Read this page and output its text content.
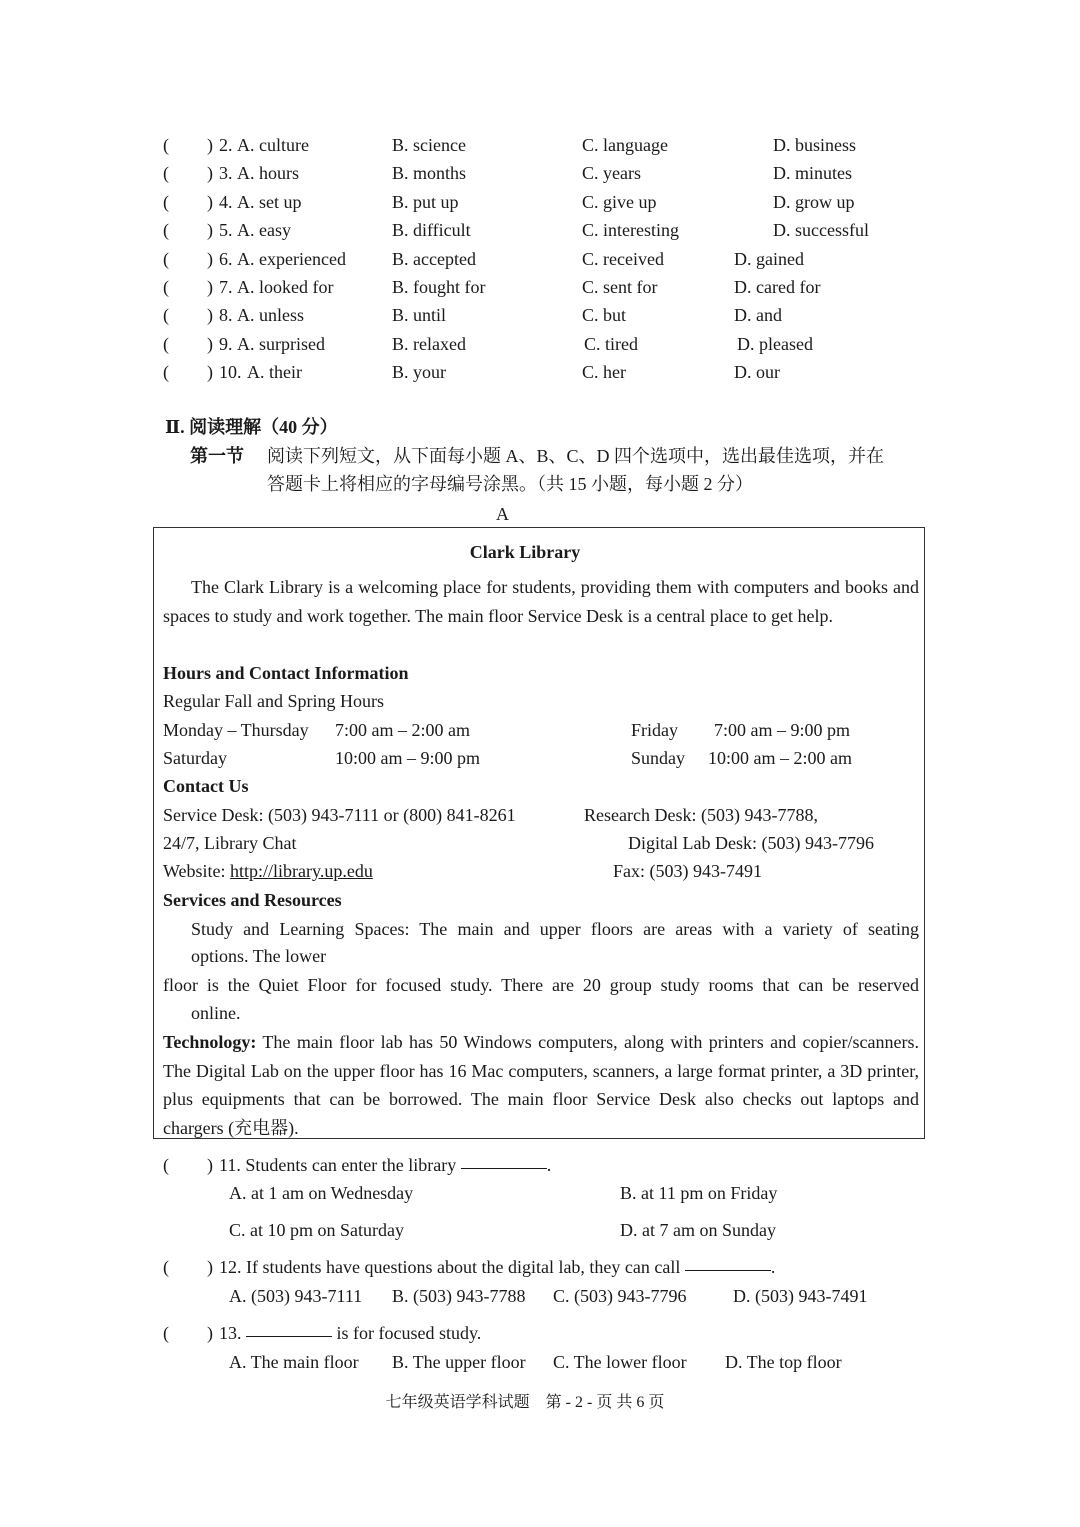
( ) 2. A. culture	B. science	C. language	D. business
( ) 3. A. hours	B. months	C. years	D. minutes
( ) 4. A. set up	B. put up	C. give up	D. grow up
( ) 5. A. easy	B. difficult	C. interesting	D. successful
( ) 6. A. experienced	B. accepted	C. received	D. gained
( ) 7. A. looked for	B. fought for	C. sent for	D. cared for
( ) 8. A. unless	B. until	C. but	D. and
( ) 9. A. surprised	B. relaxed	C. tired	D. pleased
( ) 10. A. their	B. your	C. her	D. our
Ⅱ. 阅读理解（40 分）
第一节 阅读下列短文，从下面每小题 A、B、C、D 四个选项中，选出最佳选项，并在
答题卡上将相应的字母编号涂黑。（共 15 小题，每小题 2 分）
A
Clark Library
The Clark Library is a welcoming place for students, providing them with computers and books and spaces to study and work together. The main floor Service Desk is a central place to get help.
Hours and Contact Information
Regular Fall and Spring Hours
Monday – Thursday 7:00 am – 2:00 am	Friday 7:00 am – 9:00 pm
Saturday	10:00 am – 9:00 pm	Sunday 10:00 am – 2:00 am
Contact Us
Service Desk: (503) 943-7111 or (800) 841-8261	Research Desk: (503) 943-7788,
24/7, Library Chat	Digital Lab Desk: (503) 943-7796
Website: http://library.up.edu	Fax: (503) 943-7491
Services and Resources
Study and Learning Spaces: The main and upper floors are areas with a variety of seating
options. The lower
floor is the Quiet Floor for focused study. There are 20 group study rooms that can be reserved
online.
Technology: The main floor lab has 50 Windows computers, along with printers and copier/scanners. The Digital Lab on the upper floor has 16 Mac computers, scanners, a large format printer, a 3D printer, plus equipments that can be borrowed. The main floor Service Desk also checks out laptops and chargers (充电器).
( ) 11. Students can enter the library	.
A. at 1 am on Wednesday	B. at 11 pm on Friday
C. at 10 pm on Saturday	D. at 7 am on Sunday
( ) 12. If students have questions about the digital lab, they can call	.
A. (503) 943-7111 B. (503) 943-7788 C. (503) 943-7796	D. (503) 943-7491
( ) 13.	is for focused study.
A. The main floor B. The upper floor C. The lower floor D. The top floor
七年级英语学科试题　第 - 2 - 页 共 6 页
